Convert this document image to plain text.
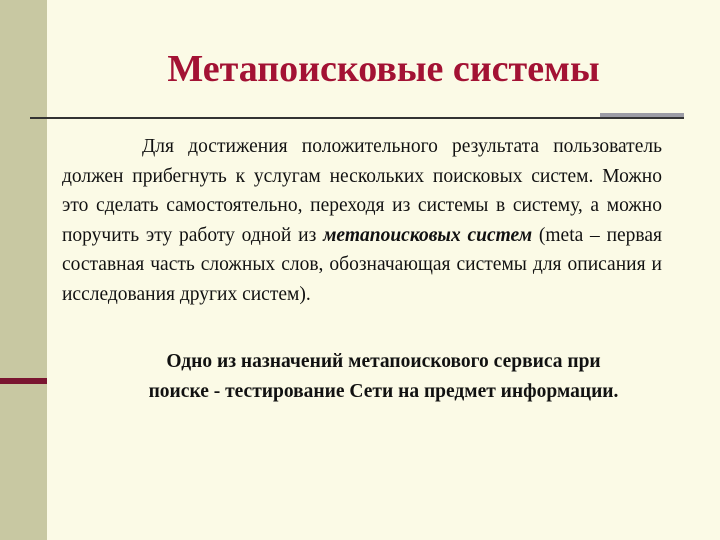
Метапоисковые системы

Для достижения положительного результата пользователь должен прибегнуть к услугам нескольких поисковых систем. Можно это сделать самостоятельно, переходя из системы в систему, а можно поручить эту работу одной из метапоисковых систем (meta – первая составная часть сложных слов, обозначающая системы для описания и исследования других систем).

Одно из назначений метапоискового сервиса при
поиске - тестирование Сети на предмет информации.
